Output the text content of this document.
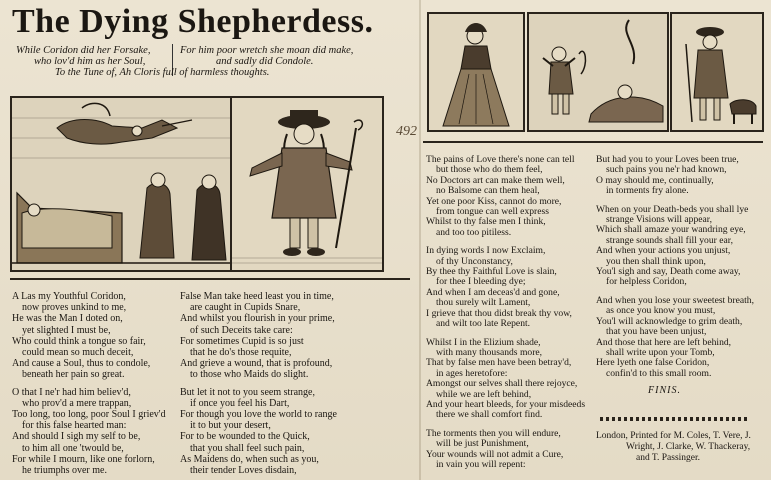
The Dying Shepherdess.
While Coridon did her Forsake,
who lov'd him as her Soul,
For him poor wretch she moan did make,
and sadly did Condole.
To the Tune of, Ah Cloris full of harmless thoughts.
492
A Las my Youthful Coridon,
now proves unkind to me,
He was the Man I doted on,
yet slighted I must be,
Who could think a tongue so fair,
could mean so much deceit,
And cause a Soul, thus to condole,
beneath her pain so great.
O that I ne'r had him believ'd,
who prov'd a mere trappan,
Too long, too long, poor Soul I griev'd
for this false hearted man:
And should I sigh my self to be,
to him all one 'twould be,
For while I mourn, like one forlorn,
he triumphs over me.
False Man take heed least you in time,
are caught in Cupids Snare,
And whilst you flourish in your prime,
of such Deceits take care:
For sometimes Cupid is so just
that he do's those requite,
And grieve a wound, that is profound,
to those who Maids do slight.
But let it not to you seem strange,
if once you feel his Dart,
For though you love the world to range
it to but your desert,
For to be wounded to the Quick,
that you shall feel such pain,
As Maidens do, when such as you,
their tender Loves disdain,
The pains of Love there's none can tell
but those who do them feel,
No Doctors art can make them well,
no Balsome can them heal,
Yet one poor Kiss, cannot do more,
from tongue can well express
Whilst to thy false men I think,
and too too pitiless.
In dying words I now Exclaim,
of thy Unconstancy,
By thee thy Faithful Love is slain,
for thee I bleeding dye;
And when I am deceas'd and gone,
thou surely wilt Lament,
I grieve that thou didst break thy vow,
and wilt too late Repent.
Whilst I in the Elizium shade,
with many thousands more,
That by false men have been betray'd,
in ages heretofore:
Amongst our selves shall there rejoyce,
while we are left behind,
And your heart bleeds, for your misdeeds
there we shall comfort find.
The torments then you will endure,
will be just Punishment,
Your wounds will not admit a Cure,
in vain you will repent:
But had you to your Loves been true,
such pains you ne'r had known,
O may should me, continually,
in torments fry alone.
When on your Death-beds you shall lye
strange Visions will appear,
Which shall amaze your wandring eye,
strange sounds shall fill your ear,
And when your actions you unjust,
you then shall think upon,
You'l sigh and say, Death come away,
for helpless Coridon,
And when you lose your sweetest breath,
as once you know you must,
You'l will acknowledge to grim death,
that you have been unjust,
And those that here are left behind,
shall write upon your Tomb,
Here lyeth one false Coridon,
confin'd to this small room.
FINIS.
London, Printed for M. Coles, T. Vere, J.
Wright, J. Clarke, W. Thackeray,
and T. Passinger.
